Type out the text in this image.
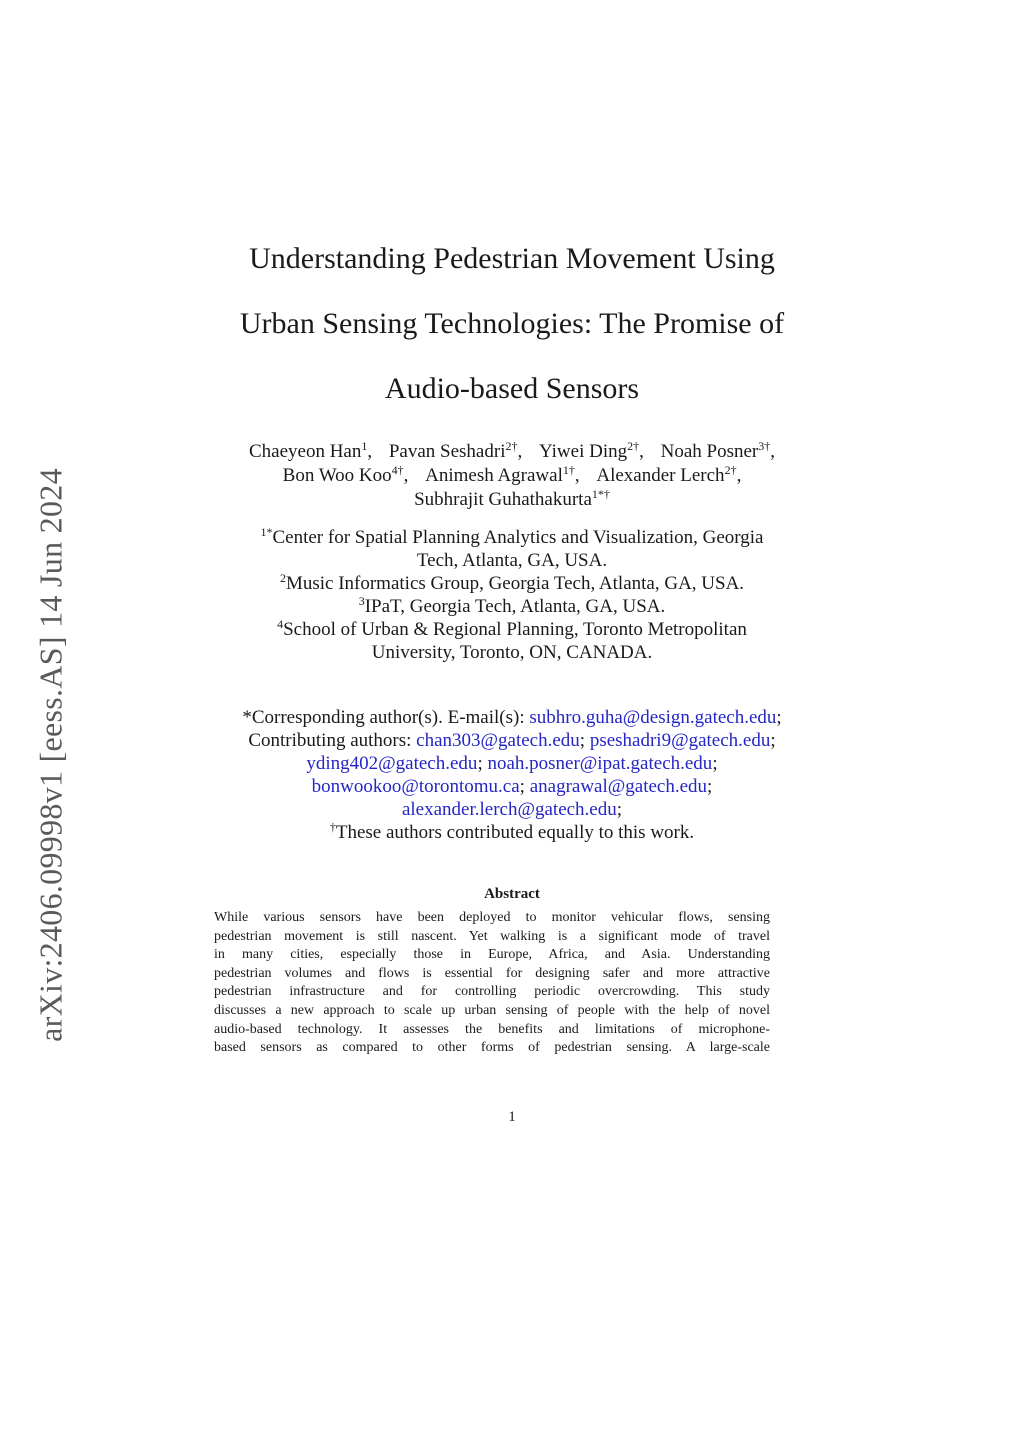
arXiv:2406.09998v1 [eess.AS] 14 Jun 2024
Understanding Pedestrian Movement Using
Urban Sensing Technologies: The Promise of
Audio-based Sensors
Chaeyeon Han$^1$, Pavan Seshadri$^{2\dagger}$, Yiwei Ding$^{2\dagger}$, Noah Posner$^{3\dagger}$,
Bon Woo Koo$^{4\dagger}$, Animesh Agrawal$^{1\dagger}$, Alexander Lerch$^{2\dagger}$,
Subhrajit Guhathakurta$^{1*\dagger}$
$^{1*}$Center for Spatial Planning Analytics and Visualization, Georgia
Tech, Atlanta, GA, USA.
$^2$Music Informatics Group, Georgia Tech, Atlanta, GA, USA.
$^3$IPaT, Georgia Tech, Atlanta, GA, USA.
$^4$School of Urban & Regional Planning, Toronto Metropolitan
University, Toronto, ON, CANADA.
*Corresponding author(s). E-mail(s): subhro.guha@design.gatech.edu;
Contributing authors: chan303@gatech.edu; pseshadri9@gatech.edu;
yding402@gatech.edu; noah.posner@ipat.gatech.edu;
bonwookoo@torontomu.ca; anagrawal@gatech.edu;
alexander.lerch@gatech.edu;
†These authors contributed equally to this work.
Abstract
While various sensors have been deployed to monitor vehicular flows, sensing
pedestrian movement is still nascent. Yet walking is a significant mode of travel
in many cities, especially those in Europe, Africa, and Asia. Understanding
pedestrian volumes and flows is essential for designing safer and more attractive
pedestrian infrastructure and for controlling periodic overcrowding. This study
discusses a new approach to scale up urban sensing of people with the help of novel
audio-based technology. It assesses the benefits and limitations of microphone-
based sensors as compared to other forms of pedestrian sensing. A large-scale
1
